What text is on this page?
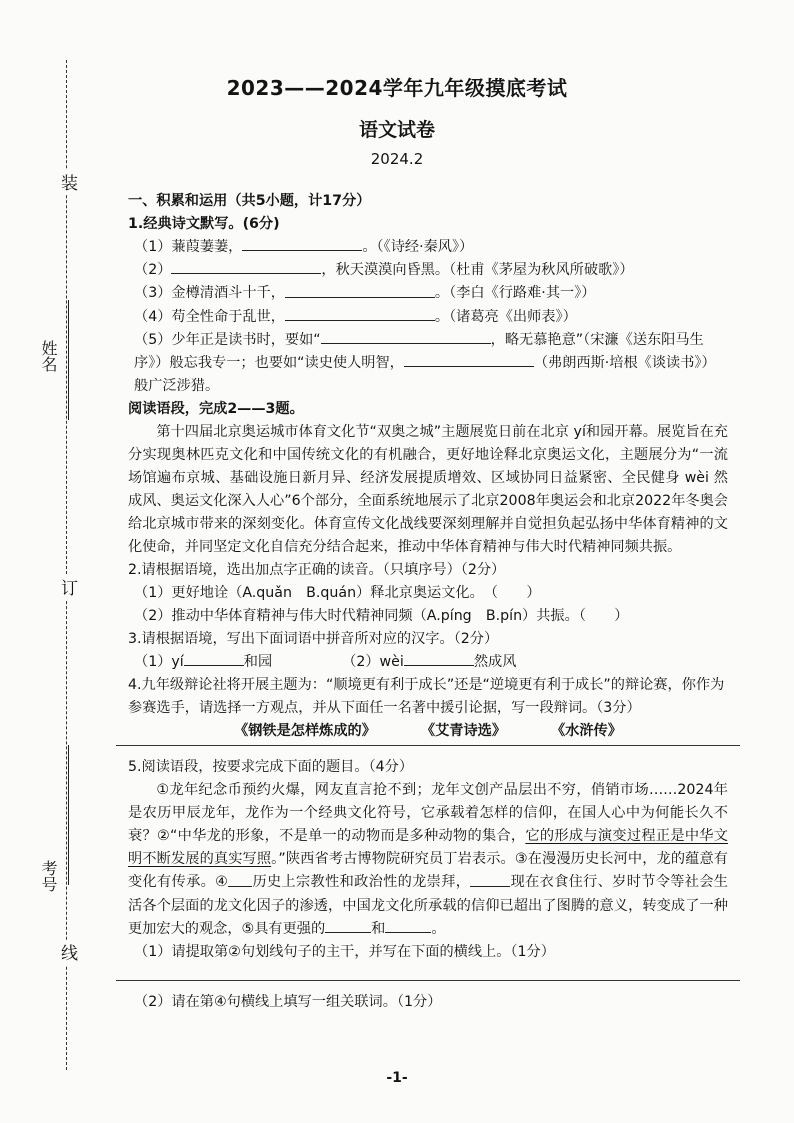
装
订
线
姓名
考号
2023——2024学年九年级摸底考试
语文试卷
2024.2

一、积累和运用（共5小题，计17分）

1.经典诗文默写。(6分)

（1）蒹葭萋萋，	。（《诗经·秦风》）

（2）	，秋天漠漠向昏黑。（杜甫《茅屋为秋风所破歌》）

（3）金樽清酒斗十千，	。（李白《行路难·其一》）

（4）苟全性命于乱世，	。（诸葛亮《出师表》）

（5）少年正是读书时，要如“	，略无慕艳意”（宋濂《送东阳马生序》）般忘我专一；也要如“读史使人明智，	（弗朗西斯·培根《谈读书》）般广泛涉猎。

阅读语段，完成2——3题。

第十四届北京奥运城市体育文化节“双奥之城”主题展览日前在北京 yí和园开幕。展览旨在充分实现奥林匹克文化和中国传统文化的有机融合，更好地诠释北京奥运文化，主题展分为“一流场馆遍布京城、基础设施日新月异、经济发展提质增效、区域协同日益紧密、全民健身 wèi 然成风、奥运文化深入人心”6个部分，全面系统地展示了北京2008年奥运会和北京2022年冬奥会给北京城市带来的深刻变化。体育宣传文化战线要深刻理解并自觉担负起弘扬中华体育精神的文化使命，并同坚定文化自信充分结合起来，推动中华体育精神与伟大时代精神同频共振。

2.请根据语境，选出加点字正确的读音。（只填序号）（2分）

（1）更好地诠（A.quǎn　B.quán）释北京奥运文化。　 （　　）

（2）推动中华体育精神与伟大时代精神同频（A.píng　B.pín）共振。（　　）

3.请根据语境，写出下面词语中拼音所对应的汉字。（2分）

（1）yí	和园	（2）wèi	然成风

4.九年级辩论社将开展主题为：“顺境更有利于成长”还是“逆境更有利于成长”的辩论赛，你作为参赛选手，请选择一方观点，并从下面任一名著中援引论据，写一段辩词。（3分）

《钢铁是怎样炼成的》	《艾青诗选》	《水浒传》

5.阅读语段，按要求完成下面的题目。（4分）

①龙年纪念币预约火爆，网友直言抢不到；龙年文创产品层出不穷，俏销市场……2024年是农历甲辰龙年，龙作为一个经典文化符号，它承载着怎样的信仰，在国人心中为何能长久不衰？②“中华龙的形象，不是单一的动物而是多种动物的集合，它的形成与演变过程正是中华文明不断发展的真实写照。”陕西省考古博物院研究员丁岩表示。③在漫漫历史长河中，龙的蕴意有变化有传承。④ 历史上宗教性和政治性的龙崇拜，	现在衣食住行、岁时节令等社会生活各个层面的龙文化因子的渗透，中国龙文化所承载的信仰已超出了图腾的意义，转变成了一种更加宏大的观念，⑤具有更强的	和	。

（1）请提取第②句划线句子的主干，并写在下面的横线上。（1分）

（2）请在第④句横线上填写一组关联词。（1分）

-1-
